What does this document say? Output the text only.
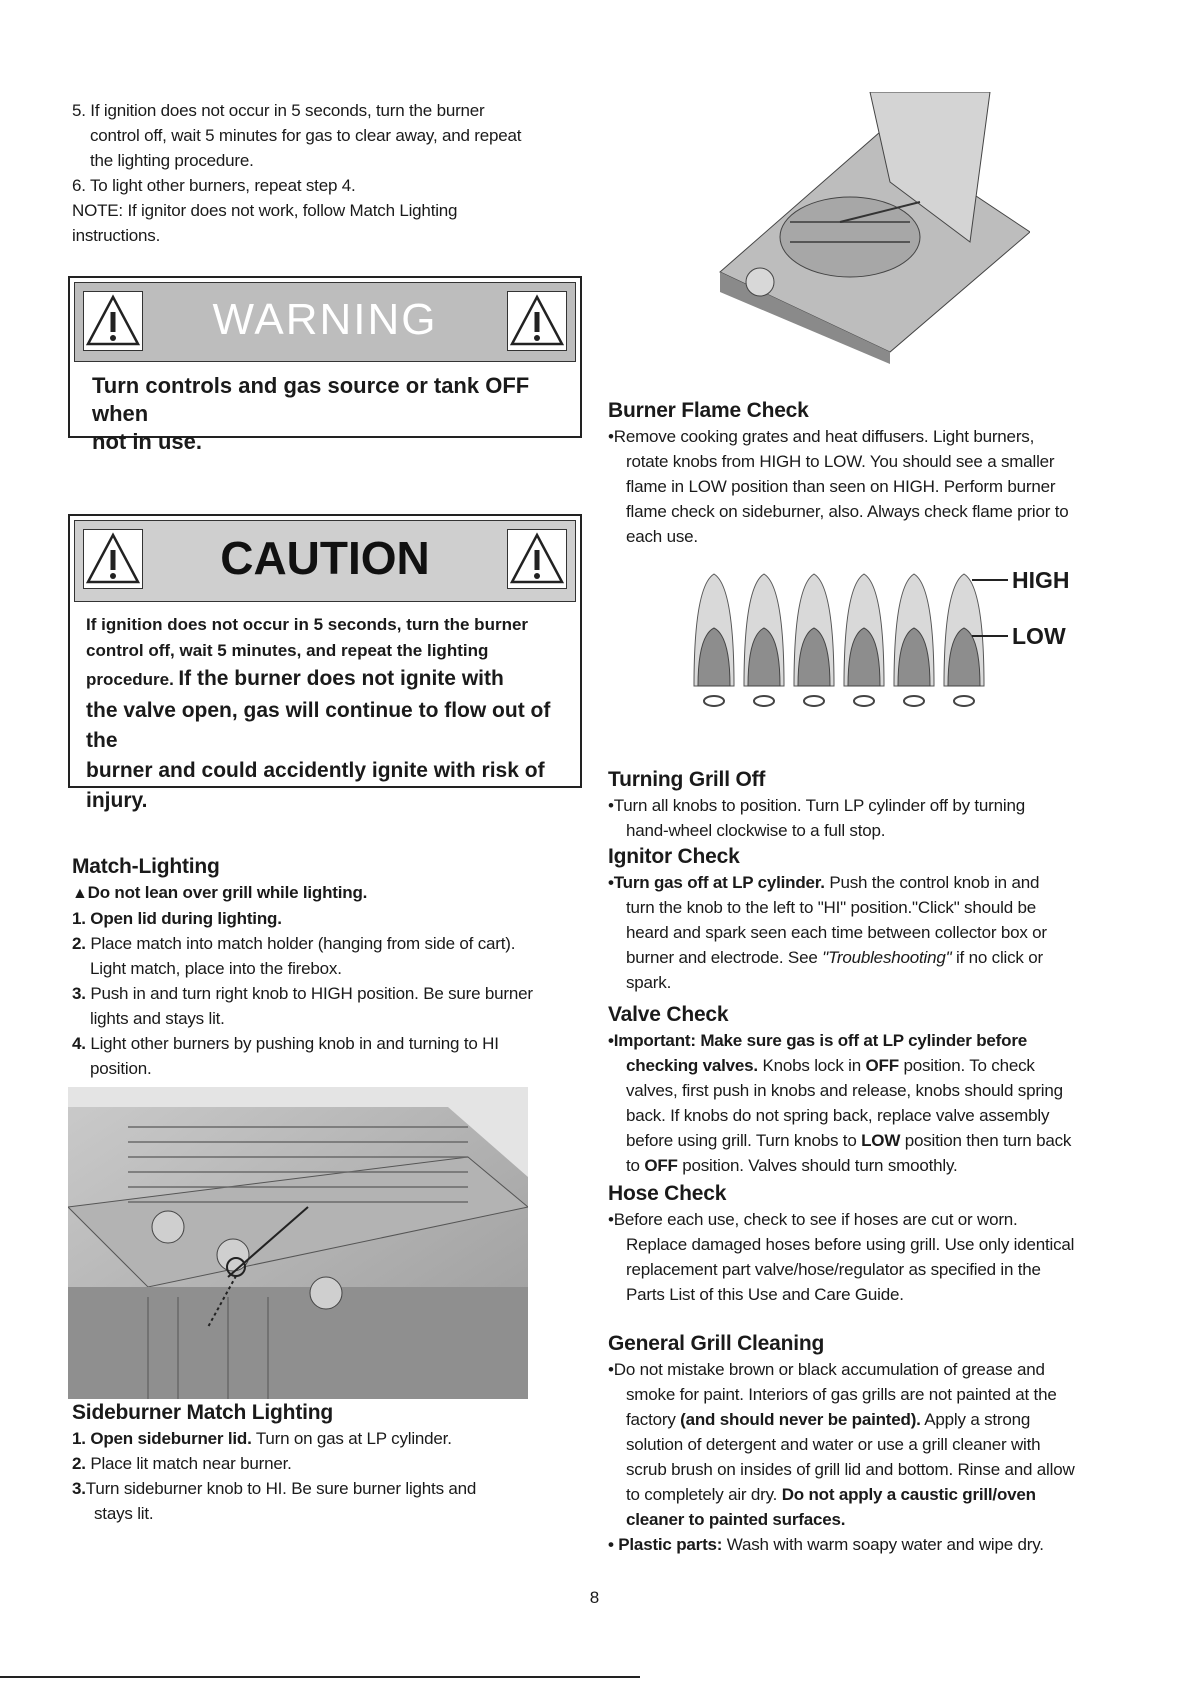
5. If ignition does not occur in 5 seconds, turn the burner
control off, wait 5 minutes for gas to clear away, and repeat
the lighting procedure.
6. To light other burners, repeat step 4.
NOTE: If ignitor does not work, follow Match Lighting
instructions.
WARNING
Turn controls and gas source or tank OFF when
not in use.
CAUTION
If ignition does not occur in 5 seconds, turn the burner
control off, wait 5 minutes, and repeat the lighting
procedure. If the burner does not ignite with
the valve open, gas will continue to flow out of the
burner and could accidently ignite with risk of
injury.
Match-Lighting
▲Do not lean over grill while lighting.
1. Open lid during lighting.
2. Place match into match holder (hanging from side of cart).
Light match, place into the firebox.
3. Push in and turn right knob to HIGH position. Be sure burner
lights and stays lit.
4. Light other burners by pushing knob in and turning to HI
position.
Sideburner Match Lighting
1. Open sideburner lid. Turn on gas at LP cylinder.
2. Place lit match near burner.
3.Turn sideburner knob to HI. Be sure burner lights and
stays lit.
Burner Flame Check
•Remove cooking grates and heat diffusers. Light burners,
rotate knobs from HIGH to LOW. You should see a smaller
flame in LOW position than seen on HIGH. Perform burner
flame check on sideburner, also. Always check flame prior to
each use.
HIGH
LOW
Turning Grill Off
•Turn all knobs to position. Turn LP cylinder off by turning
hand-wheel clockwise to a full stop.
Ignitor Check
•Turn gas off at LP cylinder. Push the control knob in and
turn the knob to the left to "HI" position."Click" should be
heard and spark seen each time between collector box or
burner and electrode. See "Troubleshooting" if no click or
spark.
Valve Check
•Important: Make sure gas is off at LP cylinder before
checking valves. Knobs lock in OFF position. To check
valves, first push in knobs and release, knobs should spring
back. If knobs do not spring back, replace valve assembly
before using grill. Turn knobs to LOW position then turn back
to OFF position. Valves should turn smoothly.
Hose Check
•Before each use, check to see if hoses are cut or worn.
Replace damaged hoses before using grill. Use only identical
replacement part valve/hose/regulator as specified in the
Parts List of this Use and Care Guide.
General Grill Cleaning
•Do not mistake brown or black accumulation of grease and
smoke for paint. Interiors of gas grills are not painted at the
factory (and should never be painted). Apply a strong
solution of detergent and water or use a grill cleaner with
scrub brush on insides of grill lid and bottom. Rinse and allow
to completely air dry. Do not apply a caustic grill/oven
cleaner to painted surfaces.
• Plastic parts: Wash with warm soapy water and wipe dry.
8
